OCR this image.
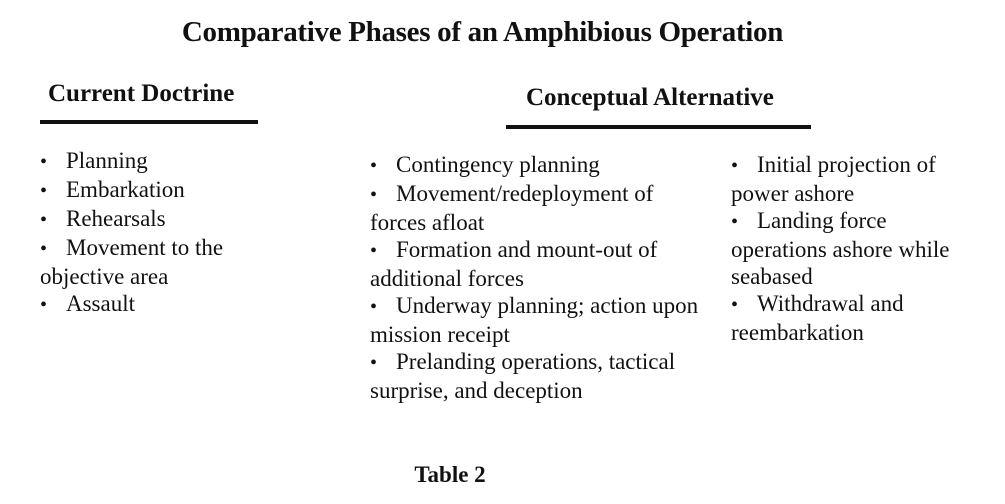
Comparative Phases of an Amphibious Operation
Current Doctrine
• Planning
• Embarkation
• Rehearsals
• Movement to the objective area
• Assault
Conceptual Alternative
• Contingency planning
• Movement/redeployment of forces afloat
• Formation and mount-out of additional forces
• Underway planning; action upon mission receipt
• Prelanding operations, tactical surprise, and deception
• Initial projection of power ashore
• Landing force operations ashore while seabased
• Withdrawal and reembarkation

Table 2
